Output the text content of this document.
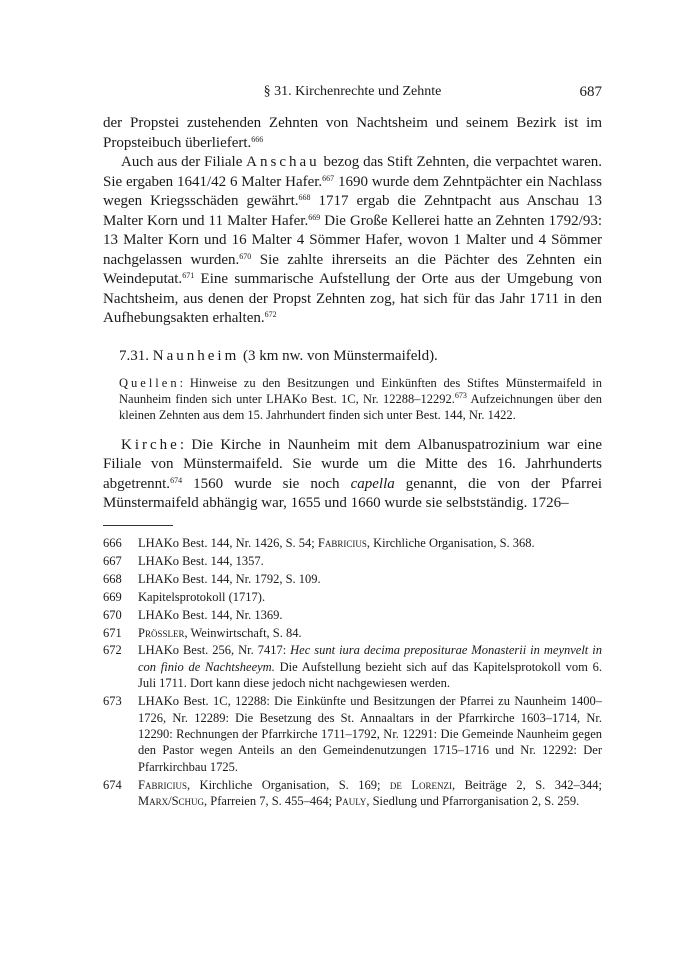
§ 31. Kirchenrechte und Zehnte	687

der Propstei zustehenden Zehnten von Nachtsheim und seinem Bezirk ist im Propsteibuch überliefert.$^{666}$

Auch aus der Filiale Anschau bezog das Stift Zehnten, die verpachtet waren. Sie ergaben 1641/42 6 Malter Hafer.$^{667}$ 1690 wurde dem Zehntpächter ein Nachlass wegen Kriegsschäden gewährt.$^{668}$ 1717 ergab die Zehntpacht aus Anschau 13 Malter Korn und 11 Malter Hafer.$^{669}$ Die Große Kellerei hatte an Zehnten 1792/93: 13 Malter Korn und 16 Malter 4 Sömmer Hafer, wovon 1 Malter und 4 Sömmer nachgelassen wurden.$^{670}$ Sie zahlte ihrerseits an die Pächter des Zehnten ein Weindeputat.$^{671}$ Eine summarische Aufstellung der Orte aus der Umgebung von Nachtsheim, aus denen der Propst Zehnten zog, hat sich für das Jahr 1711 in den Aufhebungsakten erhalten.$^{672}$

7.31. Naunheim (3 km nw. von Münstermaifeld).
Quellen: Hinweise zu den Besitzungen und Einkünften des Stiftes Münstermaifeld in Naunheim finden sich unter LHAKo Best. 1C, Nr. 12288–12292.$^{673}$ Aufzeichnungen über den kleinen Zehnten aus dem 15. Jahrhundert finden sich unter Best. 144, Nr. 1422.

Kirche: Die Kirche in Naunheim mit dem Albanuspatrozinium war eine Filiale von Münstermaifeld. Sie wurde um die Mitte des 16. Jahrhunderts abgetrennt.$^{674}$ 1560 wurde sie noch capella genannt, die von der Pfarrei Münstermaifeld abhängig war, 1655 und 1660 wurde sie selbstständig. 1726–

666	LHAKo Best. 144, Nr. 1426, S. 54; Fabricius, Kirchliche Organisation, S. 368.
667	LHAKo Best. 144, 1357.
668	LHAKo Best. 144, Nr. 1792, S. 109.
669	Kapitelsprotokoll (1717).
670	LHAKo Best. 144, Nr. 1369.
671	Prössler, Weinwirtschaft, S. 84.
672	LHAKo Best. 256, Nr. 7417: Hec sunt iura decima prepositurae Monasterii in meynvelt in con finio de Nachtsheeym. Die Aufstellung bezieht sich auf das Kapitelsprotokoll vom 6. Juli 1711. Dort kann diese jedoch nicht nachgewiesen werden.
673	LHAKo Best. 1C, 12288: Die Einkünfte und Besitzungen der Pfarrei zu Naunheim 1400–1726, Nr. 12289: Die Besetzung des St. Annaaltars in der Pfarrkirche 1603–1714, Nr. 12290: Rechnungen der Pfarrkirche 1711–1792, Nr. 12291: Die Gemeinde Naunheim gegen den Pastor wegen Anteils an den Gemeindenutzungen 1715–1716 und Nr. 12292: Der Pfarrkirchbau 1725.
674	Fabricius, Kirchliche Organisation, S. 169; de Lorenzi, Beiträge 2, S. 342–344; Marx/Schug, Pfarreien 7, S. 455–464; Pauly, Siedlung und Pfarrorganisation 2, S. 259.
